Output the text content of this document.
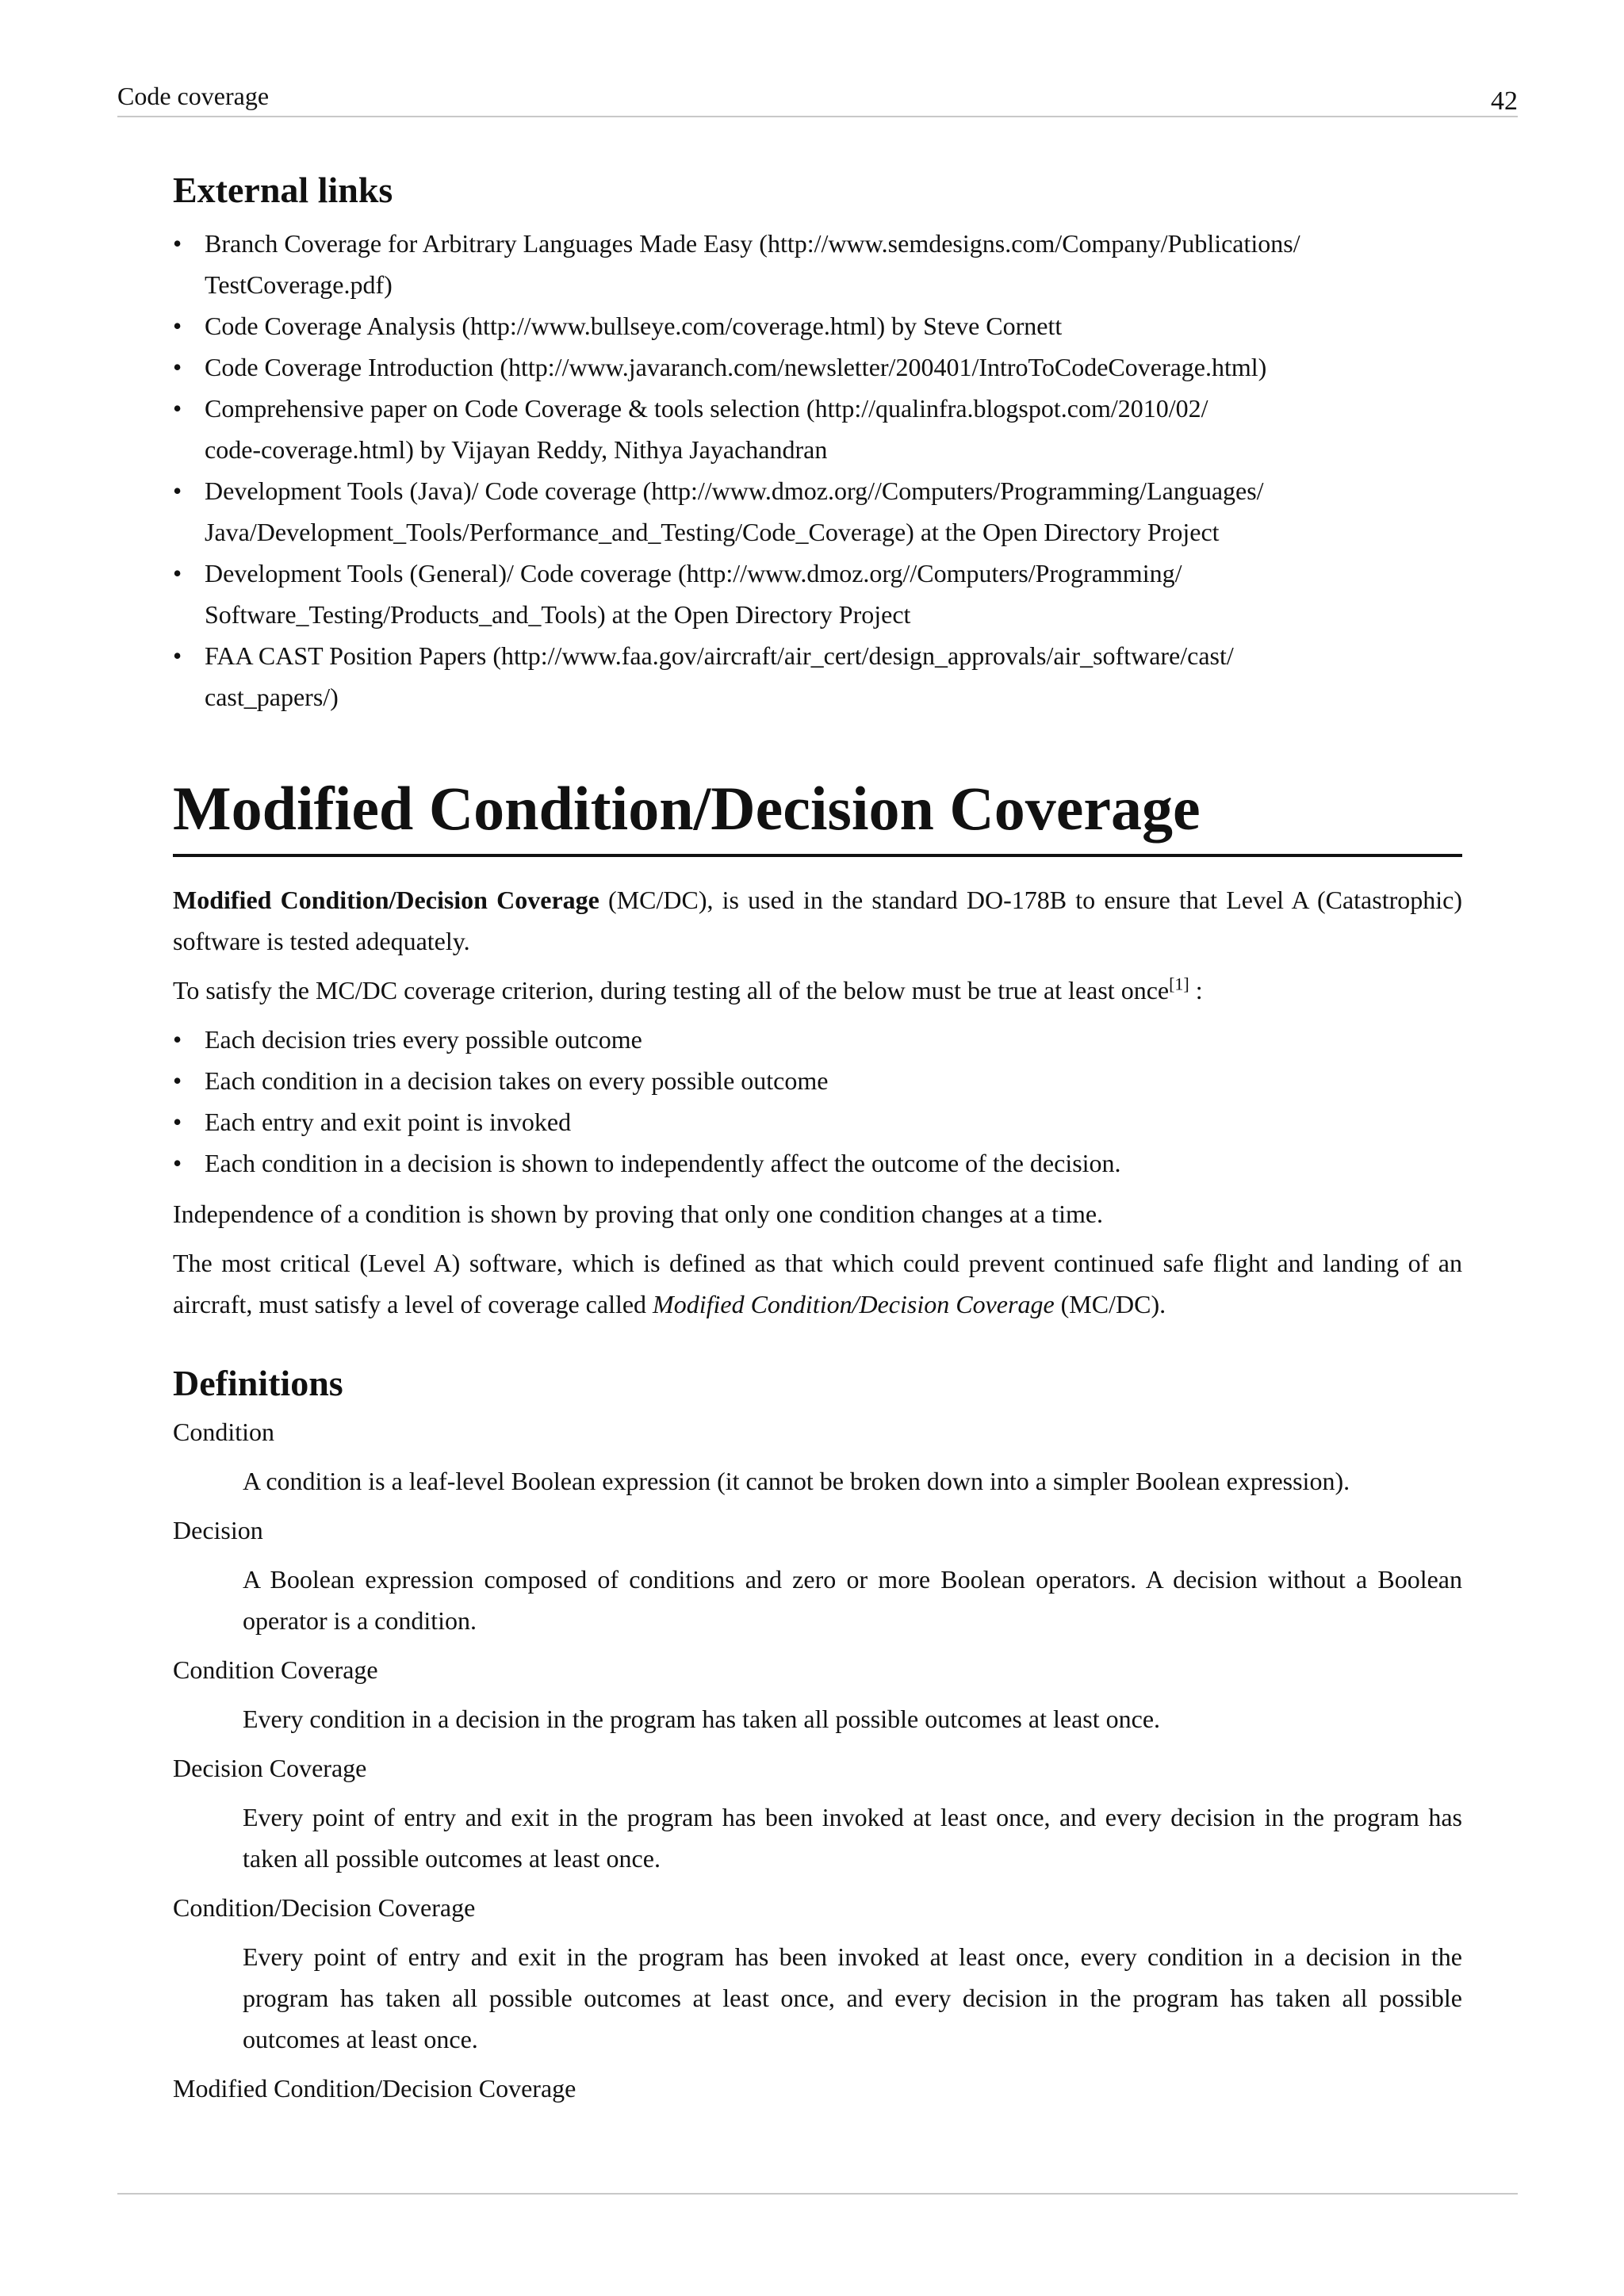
Code coverage	42
External links
• Branch Coverage for Arbitrary Languages Made Easy (http://www.semdesigns.com/Company/Publications/
TestCoverage.pdf)
• Code Coverage Analysis (http://www.bullseye.com/coverage.html) by Steve Cornett
• Code Coverage Introduction (http://www.javaranch.com/newsletter/200401/IntroToCodeCoverage.html)
• Comprehensive paper on Code Coverage & tools selection (http://qualinfra.blogspot.com/2010/02/
code-coverage.html) by Vijayan Reddy, Nithya Jayachandran
• Development Tools (Java)/ Code coverage (http://www.dmoz.org//Computers/Programming/Languages/
Java/Development_Tools/Performance_and_Testing/Code_Coverage) at the Open Directory Project
• Development Tools (General)/ Code coverage (http://www.dmoz.org//Computers/Programming/
Software_Testing/Products_and_Tools) at the Open Directory Project
• FAA CAST Position Papers (http://www.faa.gov/aircraft/air_cert/design_approvals/air_software/cast/
cast_papers/)
Modified Condition/Decision Coverage

Modified Condition/Decision Coverage (MC/DC), is used in the standard DO-178B to ensure that Level A (Catastrophic) software is tested adequately.

To satisfy the MC/DC coverage criterion, during testing all of the below must be true at least once[1] :

• Each decision tries every possible outcome
• Each condition in a decision takes on every possible outcome
• Each entry and exit point is invoked
• Each condition in a decision is shown to independently affect the outcome of the decision.

Independence of a condition is shown by proving that only one condition changes at a time.

The most critical (Level A) software, which is defined as that which could prevent continued safe flight and landing of an aircraft, must satisfy a level of coverage called Modified Condition/Decision Coverage (MC/DC).

Definitions
Condition
A condition is a leaf-level Boolean expression (it cannot be broken down into a simpler Boolean expression).
Decision
A Boolean expression composed of conditions and zero or more Boolean operators. A decision without a Boolean operator is a condition.
Condition Coverage
Every condition in a decision in the program has taken all possible outcomes at least once.
Decision Coverage
Every point of entry and exit in the program has been invoked at least once, and every decision in the program has taken all possible outcomes at least once.
Condition/Decision Coverage
Every point of entry and exit in the program has been invoked at least once, every condition in a decision in the program has taken all possible outcomes at least once, and every decision in the program has taken all possible outcomes at least once.
Modified Condition/Decision Coverage
